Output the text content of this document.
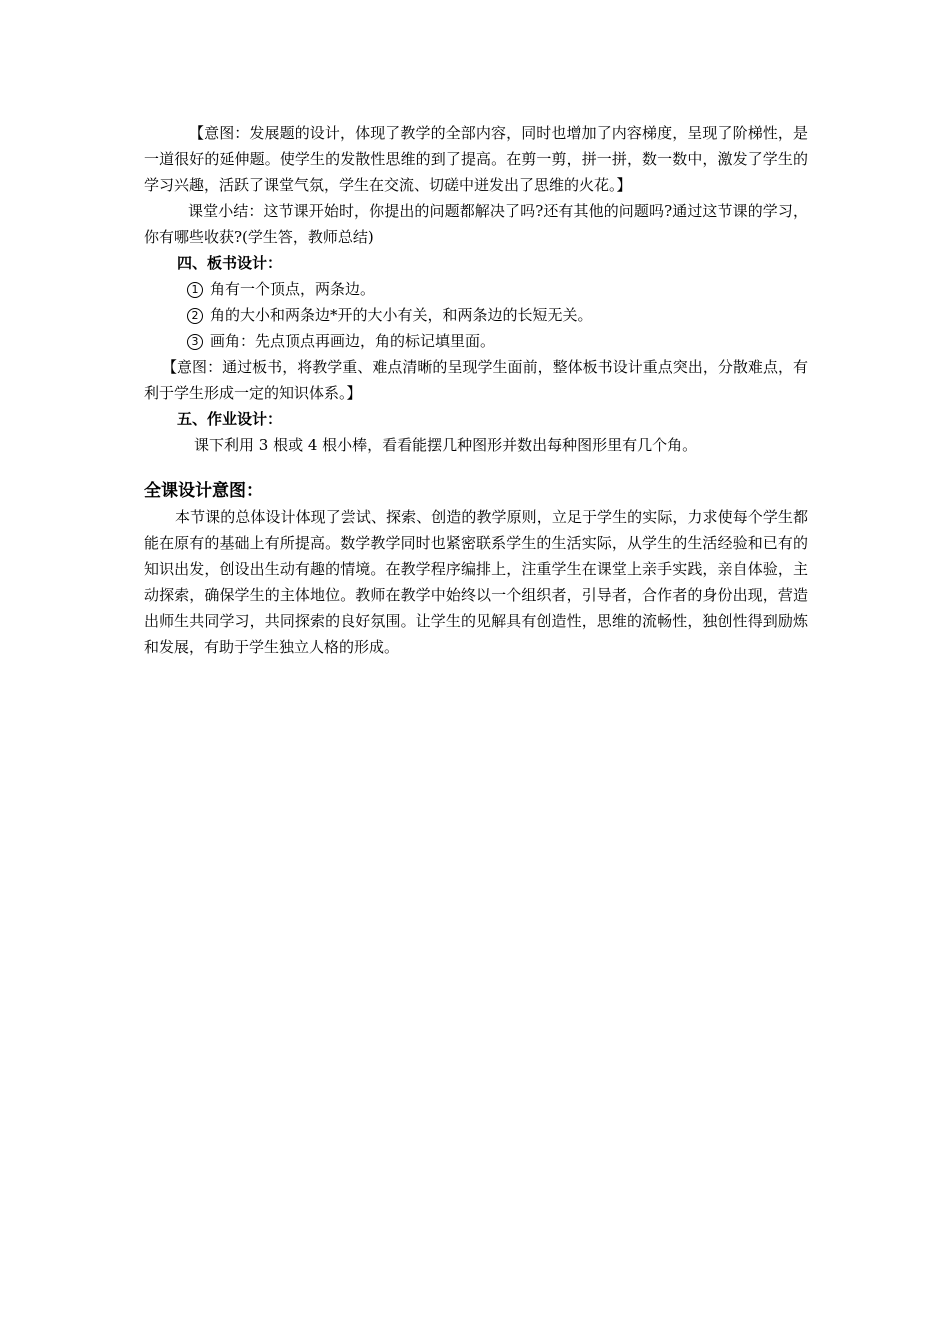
【意图：发展题的设计，体现了教学的全部内容，同时也增加了内容梯度，呈现了阶梯性，是一道很好的延伸题。使学生的发散性思维的到了提高。在剪一剪，拼一拼，数一数中，激发了学生的学习兴趣，活跃了课堂气氛，学生在交流、切磋中迸发出了思维的火花。】

课堂小结：这节课开始时，你提出的问题都解决了吗?还有其他的问题吗?通过这节课的学习，你有哪些收获?(学生答，教师总结)

四、板书设计：

1 角有一个顶点，两条边。

2 角的大小和两条边*开的大小有关，和两条边的长短无关。

3 画角：先点顶点再画边，角的标记填里面。

【意图：通过板书，将教学重、难点清晰的呈现学生面前，整体板书设计重点突出，分散难点，有利于学生形成一定的知识体系。】

五、作业设计：

课下利用 3 根或 4 根小棒，看看能摆几种图形并数出每种图形里有几个角。

全课设计意图：

本节课的总体设计体现了尝试、探索、创造的教学原则，立足于学生的实际，力求使每个学生都能在原有的基础上有所提高。数学教学同时也紧密联系学生的生活实际，从学生的生活经验和已有的知识出发，创设出生动有趣的情境。在教学程序编排上，注重学生在课堂上亲手实践，亲自体验，主动探索，确保学生的主体地位。教师在教学中始终以一个组织者，引导者，合作者的身份出现，营造出师生共同学习，共同探索的良好氛围。让学生的见解具有创造性，思维的流畅性，独创性得到励炼和发展，有助于学生独立人格的形成。
